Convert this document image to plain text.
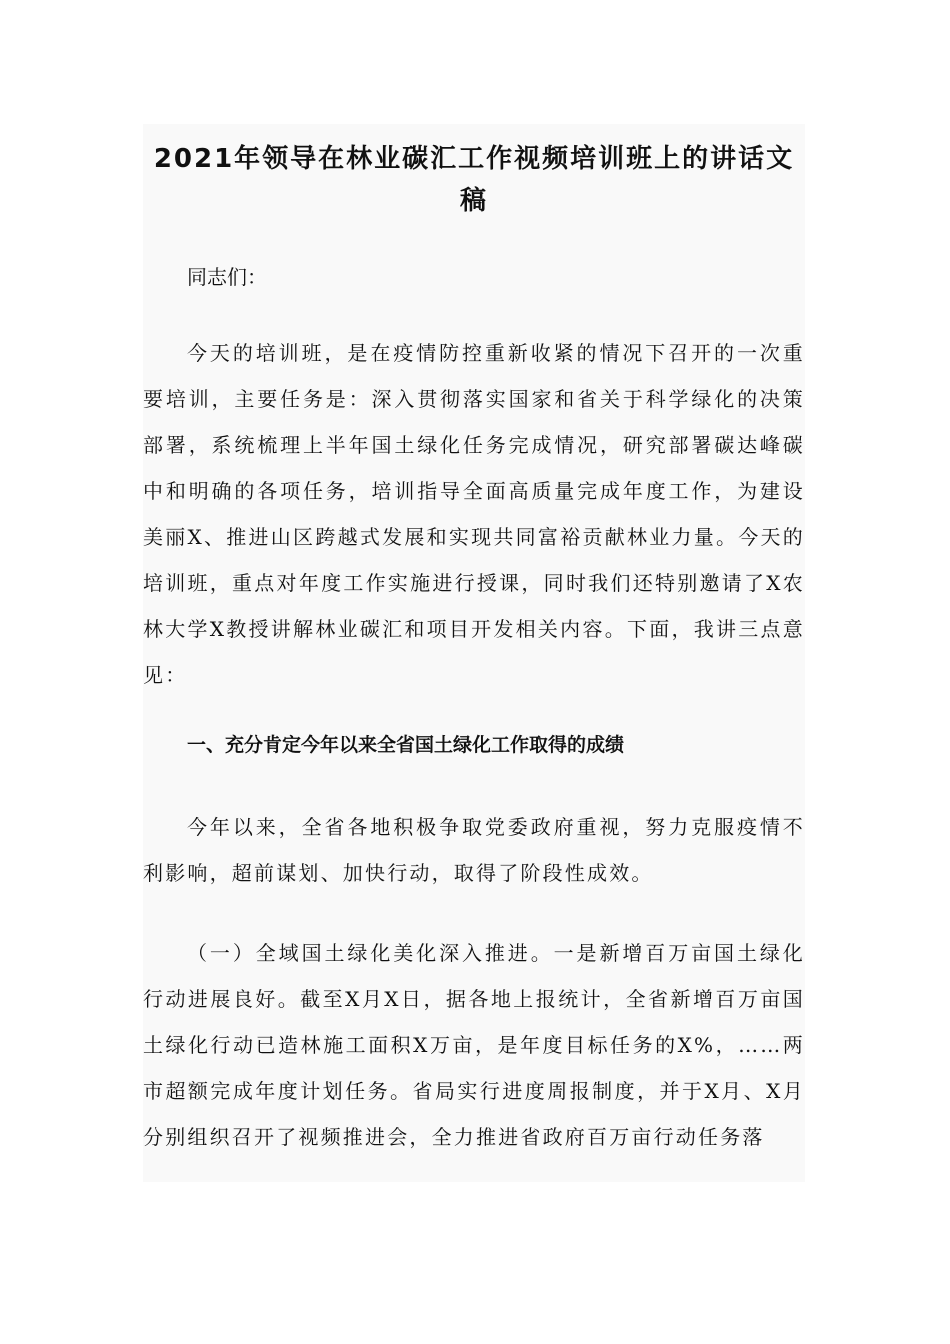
2021年领导在林业碳汇工作视频培训班上的讲话文稿
同志们：

今天的培训班，是在疫情防控重新收紧的情况下召开的一次重要培训，主要任务是：深入贯彻落实国家和省关于科学绿化的决策部署，系统梳理上半年国土绿化任务完成情况，研究部署碳达峰碳中和明确的各项任务，培训指导全面高质量完成年度工作，为建设美丽X、推进山区跨越式发展和实现共同富裕贡献林业力量。今天的培训班，重点对年度工作实施进行授课，同时我们还特别邀请了X农林大学X教授讲解林业碳汇和项目开发相关内容。下面，我讲三点意见：

一、充分肯定今年以来全省国土绿化工作取得的成绩

今年以来，全省各地积极争取党委政府重视，努力克服疫情不利影响，超前谋划、加快行动，取得了阶段性成效。

（一）全域国土绿化美化深入推进。一是新增百万亩国土绿化行动进展良好。截至X月X日，据各地上报统计，全省新增百万亩国土绿化行动已造林施工面积X万亩，是年度目标任务的X%，……两市超额完成年度计划任务。省局实行进度周报制度，并于X月、X月分别组织召开了视频推进会，全力推进省政府百万亩行动任务落
